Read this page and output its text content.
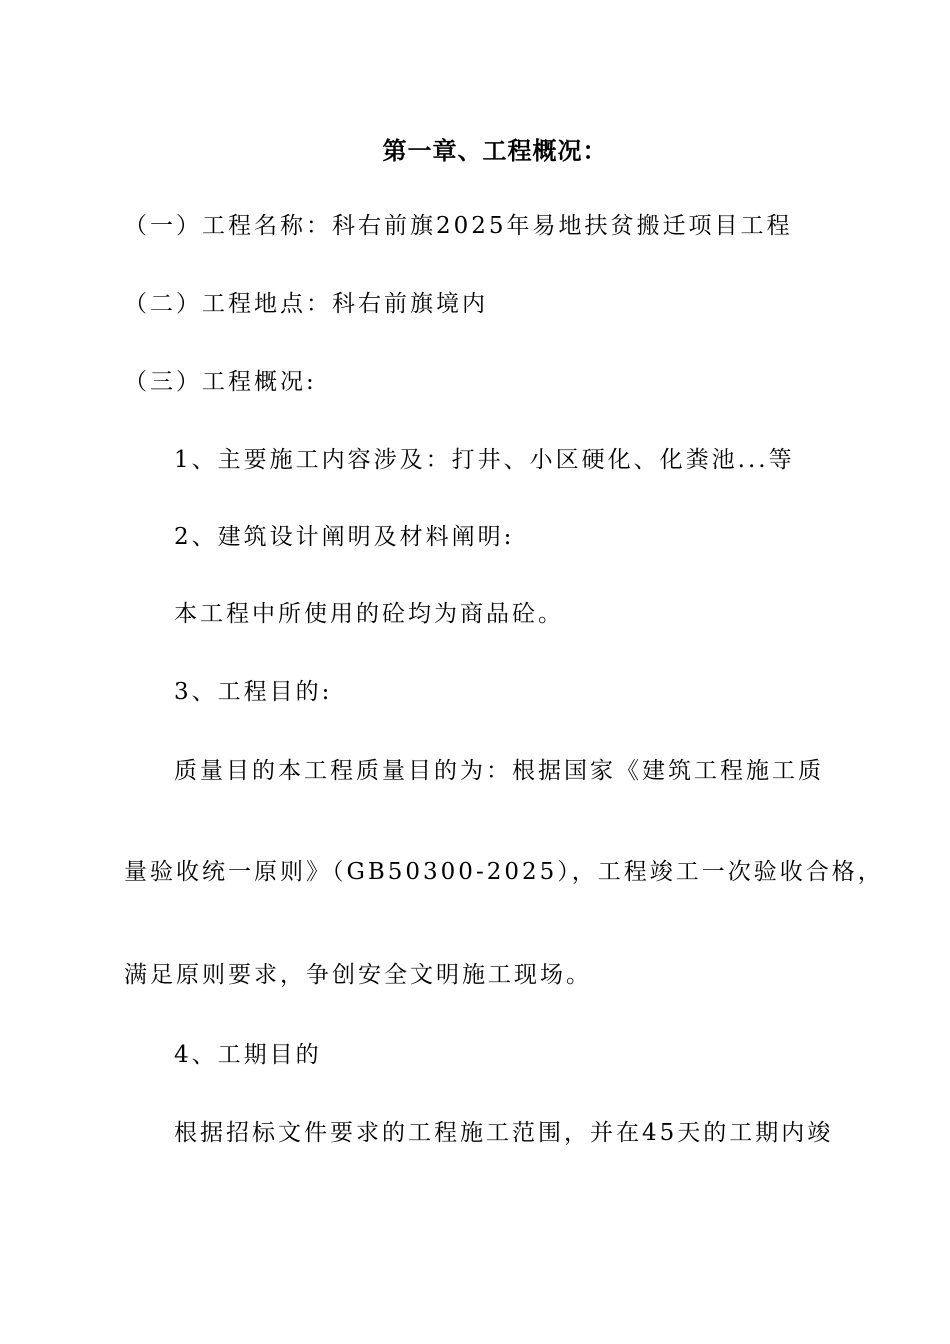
第一章、工程概况：
（一）工程名称：科右前旗2025年易地扶贫搬迁项目工程
（二）工程地点：科右前旗境内
（三）工程概况:
1、主要施工内容涉及：打井、小区硬化、化粪池...等
2、建筑设计阐明及材料阐明:
本工程中所使用的砼均为商品砼。
3、工程目的:
质量目的本工程质量目的为：根据国家《建筑工程施工质
量验收统一原则》（GB50300-2025），工程竣工一次验收合格，
满足原则要求，争创安全文明施工现场。
4、工期目的
根据招标文件要求的工程施工范围，并在45天的工期内竣
